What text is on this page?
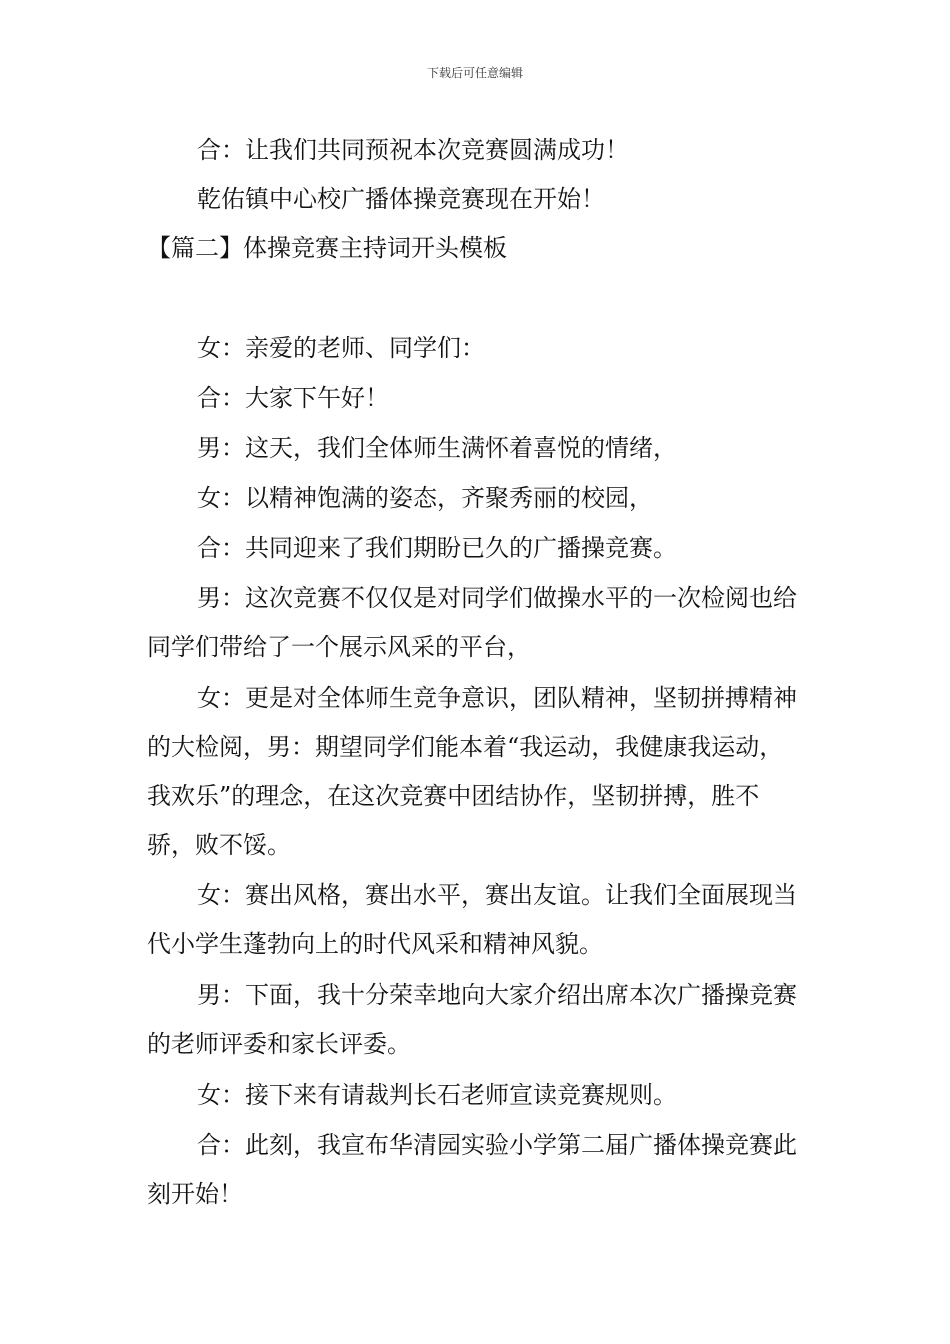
下载后可任意编辑

合：让我们共同预祝本次竞赛圆满成功！

乾佑镇中心校广播体操竞赛现在开始！

【篇二】体操竞赛主持词开头模板

女：亲爱的老师、同学们：

合：大家下午好！

男：这天，我们全体师生满怀着喜悦的情绪，

女：以精神饱满的姿态，齐聚秀丽的校园，

合：共同迎来了我们期盼已久的广播操竞赛。

男：这次竞赛不仅仅是对同学们做操水平的一次检阅也给同学们带给了一个展示风采的平台，

女：更是对全体师生竞争意识，团队精神，坚韧拼搏精神的大检阅，男：期望同学们能本着“我运动，我健康我运动，我欢乐”的理念，在这次竞赛中团结协作，坚韧拼搏，胜不骄，败不馁。

女：赛出风格，赛出水平，赛出友谊。让我们全面展现当代小学生蓬勃向上的时代风采和精神风貌。

男：下面，我十分荣幸地向大家介绍出席本次广播操竞赛的老师评委和家长评委。

女：接下来有请裁判长石老师宣读竞赛规则。

合：此刻，我宣布华清园实验小学第二届广播体操竞赛此刻开始！
